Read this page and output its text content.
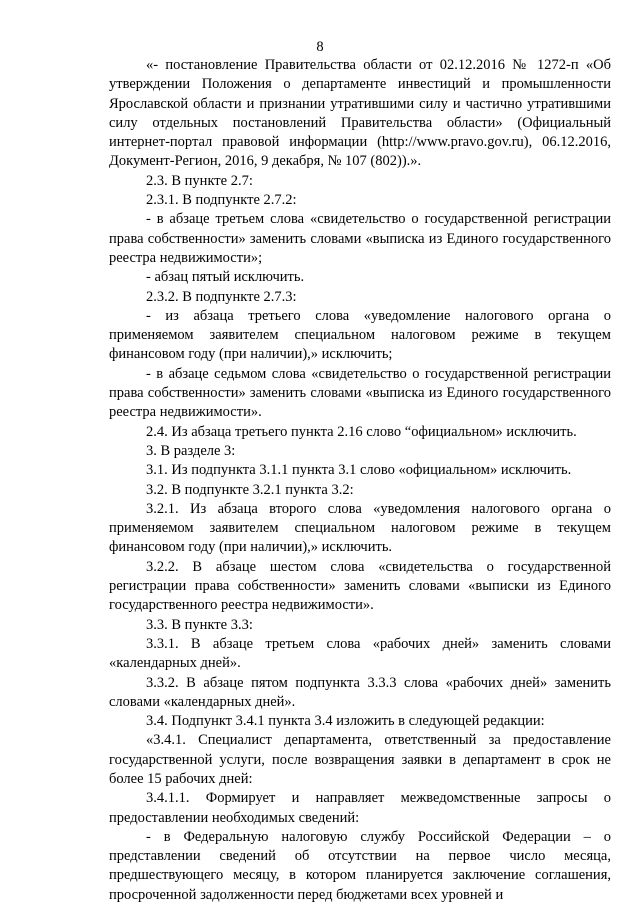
8

«- постановление Правительства области от 02.12.2016 № 1272-п «Об утверждении Положения о департаменте инвестиций и промышленности Ярославской области и признании утратившими силу и частично утратившими силу отдельных постановлений Правительства области» (Официальный интернет-портал правовой информации (http://www.pravo.gov.ru), 06.12.2016, Документ-Регион, 2016, 9 декабря, № 107 (802)).».

2.3. В пункте 2.7:

2.3.1. В подпункте 2.7.2:

- в абзаце третьем слова «свидетельство о государственной регистрации права собственности» заменить словами «выписка из Единого государственного реестра недвижимости»;

- абзац пятый исключить.

2.3.2. В подпункте 2.7.3:

- из абзаца третьего слова «уведомление налогового органа о применяемом заявителем специальном налоговом режиме в текущем финансовом году (при наличии),» исключить;

- в абзаце седьмом слова «свидетельство о государственной регистрации права собственности» заменить словами «выписка из Единого государственного реестра недвижимости».

2.4. Из абзаца третьего пункта 2.16 слово “официальном» исключить.

3. В разделе 3:

3.1. Из подпункта 3.1.1 пункта 3.1 слово «официальном» исключить.

3.2. В подпункте 3.2.1 пункта 3.2:

3.2.1. Из абзаца второго слова «уведомления налогового органа о применяемом заявителем специальном налоговом режиме в текущем финансовом году (при наличии),» исключить.

3.2.2. В абзаце шестом слова «свидетельства о государственной регистрации права собственности» заменить словами «выписки из Единого государственного реестра недвижимости».

3.3. В пункте 3.3:

3.3.1. В абзаце третьем слова «рабочих дней» заменить словами «календарных дней».

3.3.2. В абзаце пятом подпункта 3.3.3 слова «рабочих дней» заменить словами «календарных дней».

3.4. Подпункт 3.4.1 пункта 3.4 изложить в следующей редакции:

«3.4.1. Специалист департамента, ответственный за предоставление государственной услуги, после возвращения заявки в департамент в срок не более 15 рабочих дней:

3.4.1.1. Формирует и направляет межведомственные запросы о предоставлении необходимых сведений:

- в Федеральную налоговую службу Российской Федерации – о представлении сведений об отсутствии на первое число месяца, предшествующего месяцу, в котором планируется заключение соглашения, просроченной задолженности перед бюджетами всех уровней и
